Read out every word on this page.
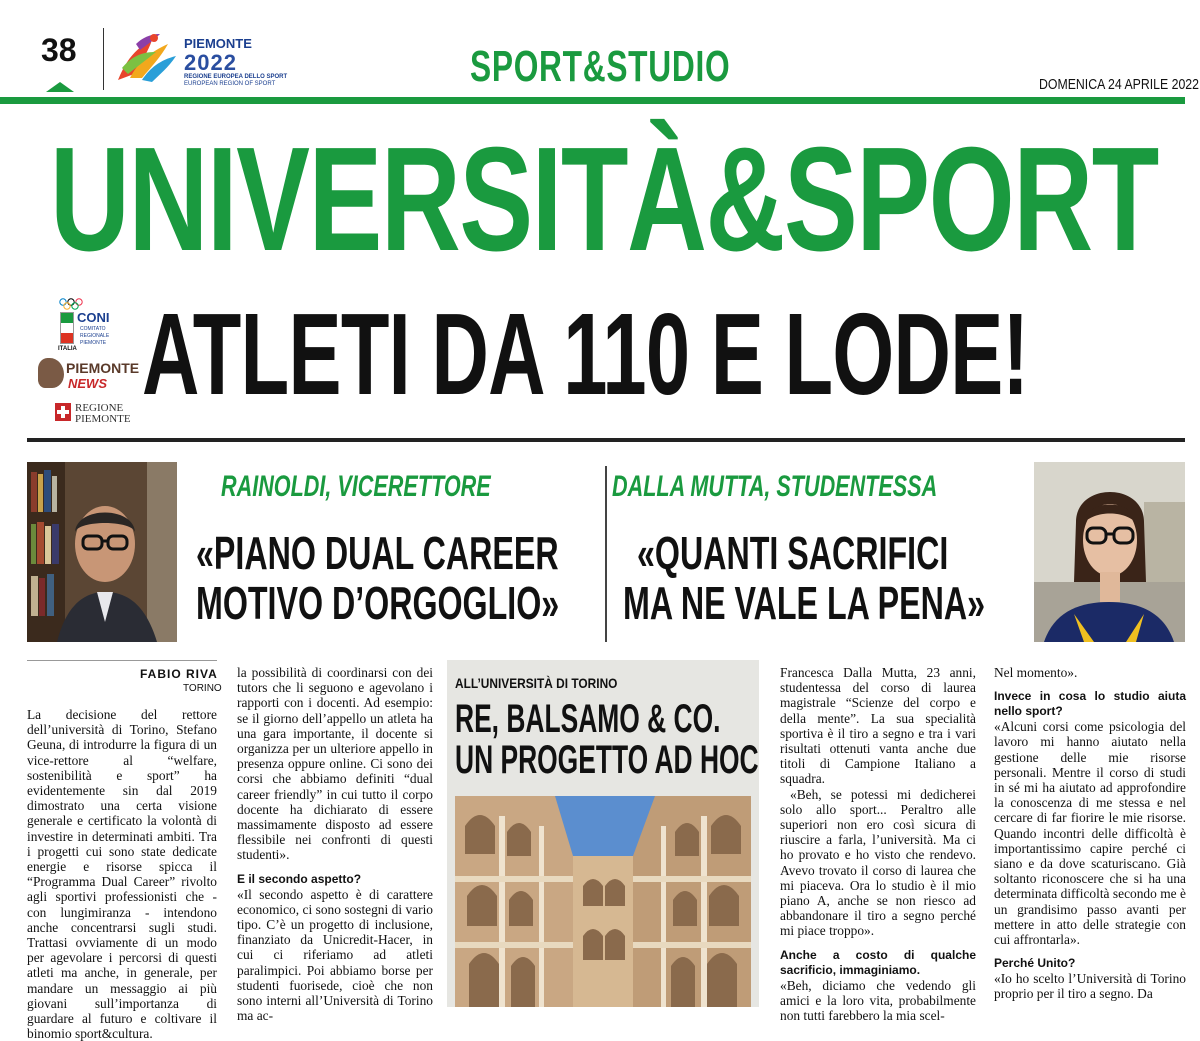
38	PIEMONTE
2022
REGIONE EUROPEA DELLO SPORT
EUROPEAN REGION OF SPORT	SPORT&STUDIO	DOMENICA 24 APRILE 2022
UNIVERSITÀ&SPORT
ITALIA
CONI
COMITATO
REGIONALE
PIEMONTE
PIEMONTE
NEWS
REGIONE
PIEMONTE ATLETI DA 110 E LODE!
RAINOLDI, VICERETTORE
«PIANO DUAL CAREER
MOTIVO D’ORGOGLIO»
DALLA MUTTA, STUDENTESSA
«QUANTI SACRIFICI
MA NE VALE LA PENA»
FABIO RIVA
TORINO

La decisione del rettore dell’università di Torino, Stefano Geuna, di introdurre la figura di un vice-rettore al “welfare, sostenibilità e sport” ha evidentemente sin dal 2019 dimostrato una certa visione generale e certificato la volontà di investire in determinati ambiti. Tra i progetti cui sono state dedicate energie e risorse spicca il “Programma Dual Career” rivolto agli sportivi professionisti che - con lungimiranza - intendono anche concentrarsi sugli studi. Trattasi ovviamente di un modo per agevolare i percorsi di questi atleti ma anche, in generale, per mandare un messaggio ai più giovani sull’importanza di guardare al futuro e coltivare il binomio sport&cultura.

la possibilità di coordinarsi con dei tutors che li seguono e agevolano i rapporti con i docenti. Ad esempio: se il giorno dell’appello un atleta ha una gara importante, il docente si organizza per un ulteriore appello in presenza oppure online. Ci sono dei corsi che abbiamo definiti “dual career friendly” in cui tutto il corpo docente ha dichiarato di essere massimamente disposto ad essere flessibile nei confronti di questi studenti».

E il secondo aspetto?

«Il secondo aspetto è di carattere economico, ci sono sostegni di vario tipo. C’è un progetto di inclusione, finanziato da Unicredit-Hacer, in cui ci riferiamo ad atleti paralimpici. Poi abbiamo borse per studenti fuorisede, cioè che non sono interni all’Università di Torino ma ac-

ALL’UNIVERSITÀ DI TORINO
RE, BALSAMO & CO.
UN PROGETTO AD HOC

Francesca Dalla Mutta, 23 anni, studentessa del corso di laurea magistrale “Scienze del corpo e della mente”. La sua specialità sportiva è il tiro a segno e tra i vari risultati ottenuti vanta anche due titoli di Campione Italiano a squadra.

«Beh, se potessi mi dedicherei solo allo sport... Peraltro alle superiori non ero così sicura di riuscire a farla, l’università. Ma ci ho provato e ho visto che rendevo. Avevo trovato il corso di laurea che mi piaceva. Ora lo studio è il mio piano A, anche se non riesco ad abbandonare il tiro a segno perché mi piace troppo».

Anche a costo di qualche sacrificio, immaginiamo.

«Beh, diciamo che vedendo gli amici e la loro vita, probabilmente non tutti farebbero la mia scel-

Nel momento».

Invece in cosa lo studio aiuta nello sport?

«Alcuni corsi come psicologia del lavoro mi hanno aiutato nella gestione delle mie risorse personali. Mentre il corso di studi in sé mi ha aiutato ad approfondire la conoscenza di me stessa e nel cercare di far fiorire le mie risorse. Quando incontri delle difficoltà è importantissimo capire perché ci siano e da dove scaturiscano. Già soltanto riconoscere che si ha una determinata difficoltà secondo me è un grandisimo passo avanti per mettere in atto delle strategie con cui affrontarla».

Perché Unito?

«Io ho scelto l’Università di Torino proprio per il tiro a segno. Da
